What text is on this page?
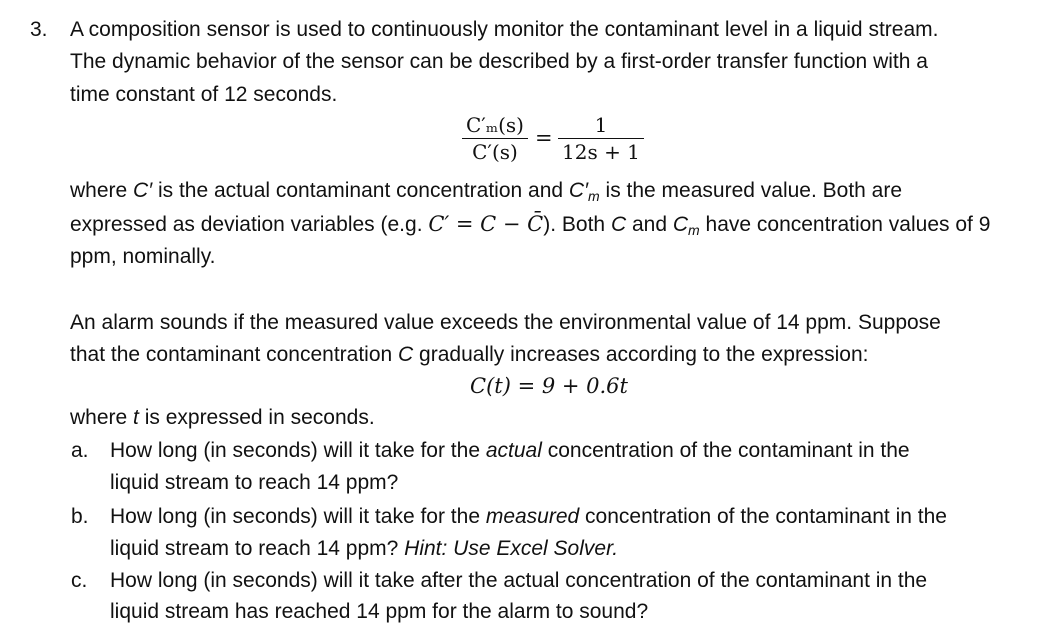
3. A composition sensor is used to continuously monitor the contaminant level in a liquid stream.
The dynamic behavior of the sensor can be described by a first-order transfer function with a
time constant of 12 seconds.
$\frac{\text{C′ₘ(s)}}{C'(s)} = \frac{1}{12s + 1}$
where C′ is the actual contaminant concentration and $C'_m$ is the measured value. Both are
expressed as deviation variables (e.g. C′ = C − C̄). Both C and $C_m$ have concentration values of 9
ppm, nominally.
An alarm sounds if the measured value exceeds the environmental value of 14 ppm. Suppose
that the contaminant concentration C gradually increases according to the expression:
C(t) = 9 + 0.6t
where t is expressed in seconds.
a. How long (in seconds) will it take for the actual concentration of the contaminant in the
liquid stream to reach 14 ppm?
b. How long (in seconds) will it take for the measured concentration of the contaminant in the
liquid stream to reach 14 ppm? Hint: Use Excel Solver.
c. How long (in seconds) will it take after the actual concentration of the contaminant in the
liquid stream has reached 14 ppm for the alarm to sound?
